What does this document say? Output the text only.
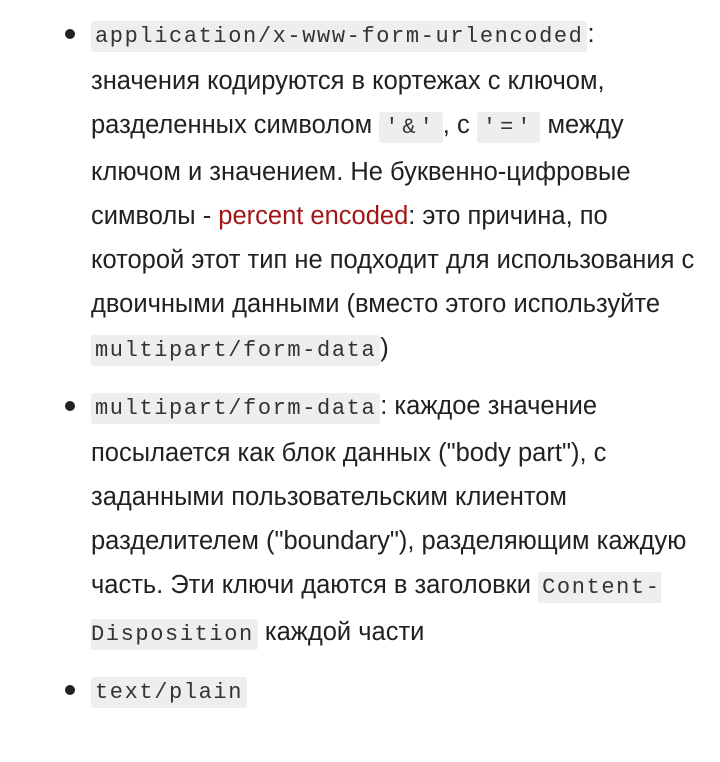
application/x-www-form-urlencoded : значения кодируются в кортежах с ключом, разделенных символом '&' , с '=' между ключом и значением. Не буквенно-цифровые символы - percent encoded: это причина, по которой этот тип не подходит для использования с двоичными данными (вместо этого используйте multipart/form-data )
multipart/form-data : каждое значение посылается как блок данных ("body part"), с заданными пользовательским клиентом разделителем ("boundary"), разделяющим каждую часть. Эти ключи даются в заголовки Content-Disposition каждой части
text/plain
